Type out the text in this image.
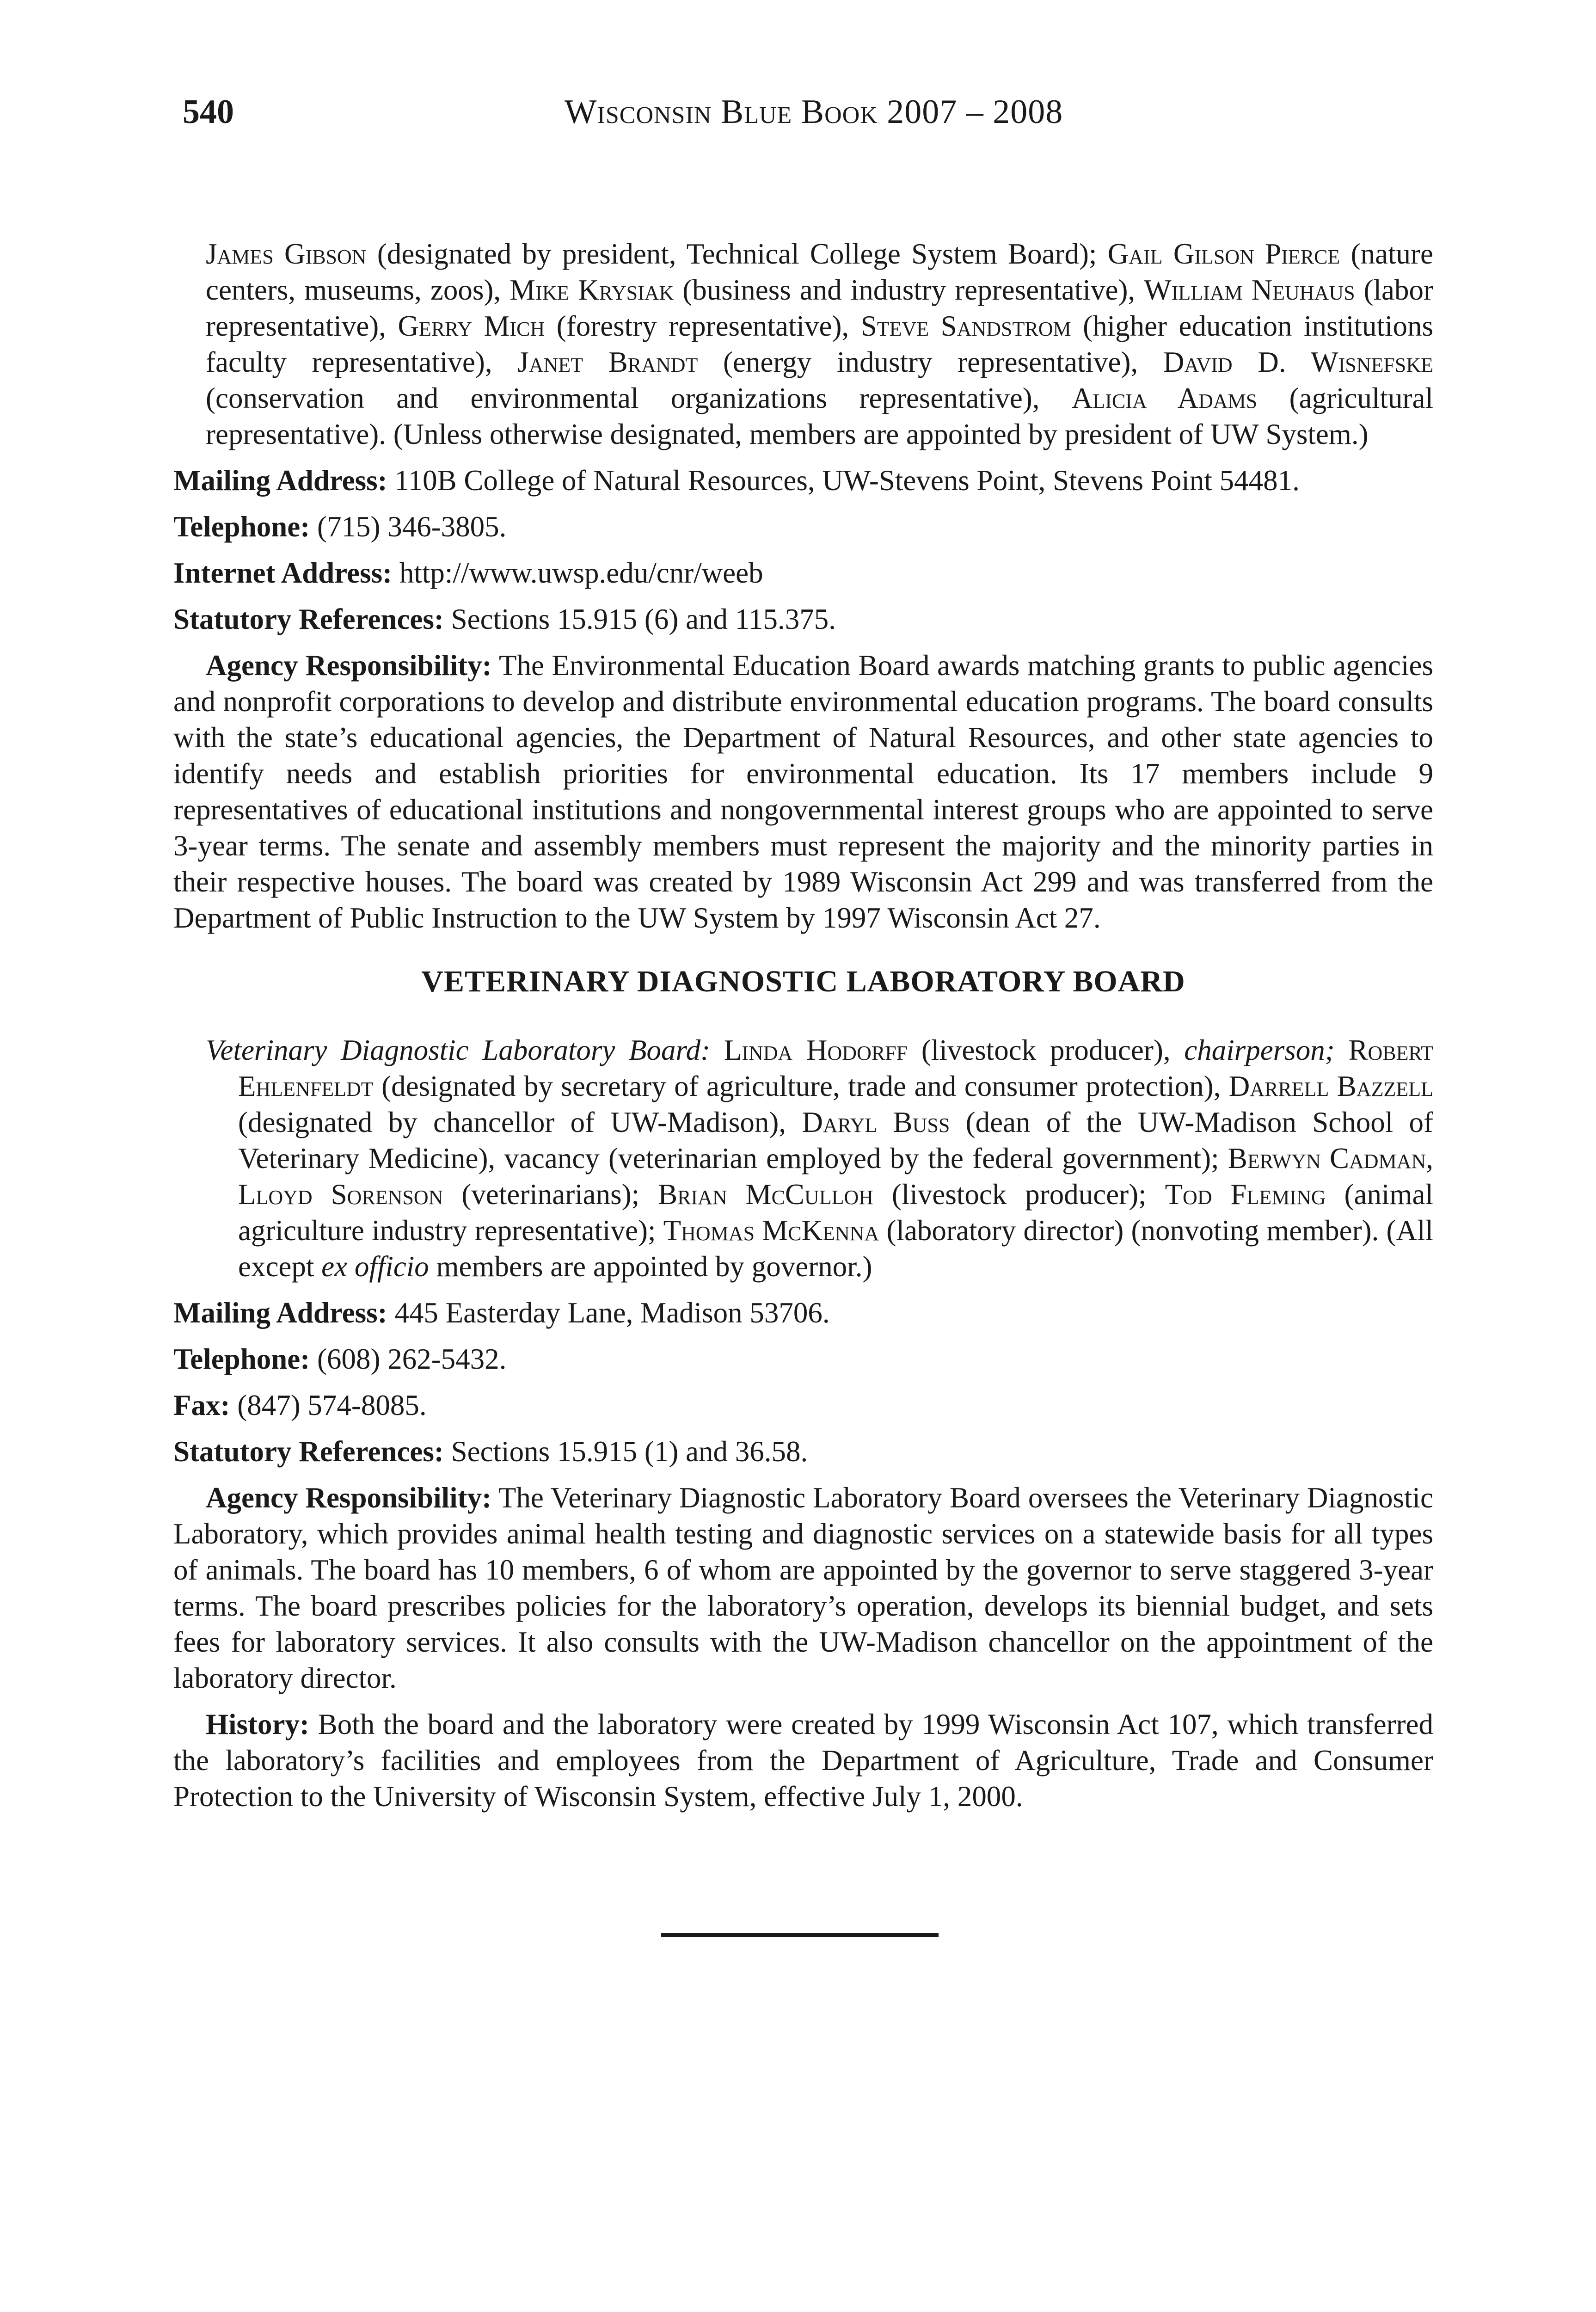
540	Wisconsin Blue Book 2007 – 2008

James Gibson (designated by president, Technical College System Board); Gail Gilson Pierce (nature centers, museums, zoos), Mike Krysiak (business and industry representative), William Neuhaus (labor representative), Gerry Mich (forestry representative), Steve Sandstrom (higher education institutions faculty representative), Janet Brandt (energy industry representative), David D. Wisnefske (conservation and environmental organizations representative), Alicia Adams (agricultural representative). (Unless otherwise designated, members are appointed by president of UW System.)

Mailing Address: 110B College of Natural Resources, UW-Stevens Point, Stevens Point 54481.

Telephone: (715) 346-3805.

Internet Address: http://www.uwsp.edu/cnr/weeb

Statutory References: Sections 15.915 (6) and 115.375.

Agency Responsibility: The Environmental Education Board awards matching grants to public agencies and nonprofit corporations to develop and distribute environmental education programs. The board consults with the state’s educational agencies, the Department of Natural Resources, and other state agencies to identify needs and establish priorities for environmental education. Its 17 members include 9 representatives of educational institutions and nongovernmental interest groups who are appointed to serve 3-year terms. The senate and assembly members must represent the majority and the minority parties in their respective houses. The board was created by 1989 Wisconsin Act 299 and was transferred from the Department of Public Instruction to the UW System by 1997 Wisconsin Act 27.

VETERINARY DIAGNOSTIC LABORATORY BOARD

Veterinary Diagnostic Laboratory Board: Linda Hodorff (livestock producer), chairperson; Robert Ehlenfeldt (designated by secretary of agriculture, trade and consumer protection), Darrell Bazzell (designated by chancellor of UW-Madison), Daryl Buss (dean of the UW-Madison School of Veterinary Medicine), vacancy (veterinarian employed by the federal government); Berwyn Cadman, Lloyd Sorenson (veterinarians); Brian McCulloh (livestock producer); Tod Fleming (animal agriculture industry representative); Thomas McKenna (laboratory director) (nonvoting member). (All except ex officio members are appointed by governor.)

Mailing Address: 445 Easterday Lane, Madison 53706.

Telephone: (608) 262-5432.

Fax: (847) 574-8085.

Statutory References: Sections 15.915 (1) and 36.58.

Agency Responsibility: The Veterinary Diagnostic Laboratory Board oversees the Veterinary Diagnostic Laboratory, which provides animal health testing and diagnostic services on a statewide basis for all types of animals. The board has 10 members, 6 of whom are appointed by the governor to serve staggered 3-year terms. The board prescribes policies for the laboratory’s operation, develops its biennial budget, and sets fees for laboratory services. It also consults with the UW-Madison chancellor on the appointment of the laboratory director.

History: Both the board and the laboratory were created by 1999 Wisconsin Act 107, which transferred the laboratory’s facilities and employees from the Department of Agriculture, Trade and Consumer Protection to the University of Wisconsin System, effective July 1, 2000.
